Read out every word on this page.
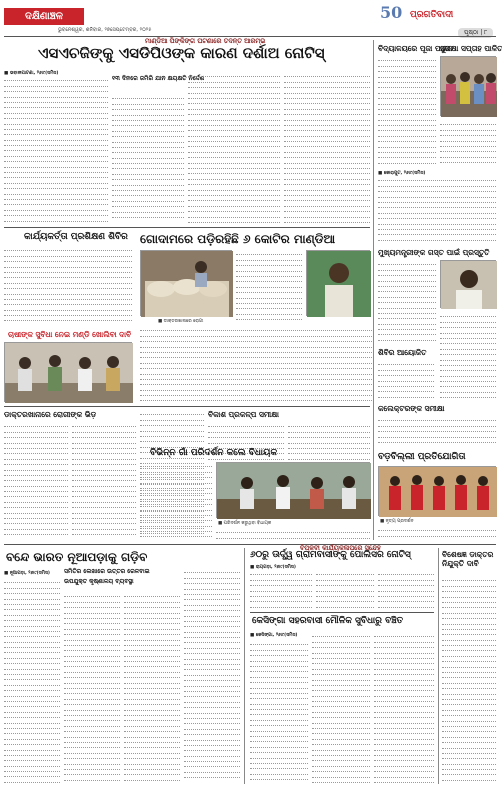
ଦକ୍ଷିଣାଞ୍ଚଳ
ଭୁବନେଶ୍ୱର, ଶନିବାର, ୨୭ସେପ୍ଟେମ୍ବର, ୨୦୨୫
50 ପ୍ରଗତିବାଦୀ
ପୃଷ୍ଠା | ୮
ମାଣ୍ଡିଆ ପିଙ୍କିଙ୍ଗ ଘଟଣାରେ ତଦନ୍ତ ଆରମ୍ଭ
ଏସଏଚଜିଙ୍କୁ ଏସଡିପିଓଙ୍କ କାରଣ ଦର୍ଶାଅ ନୋଟିସ୍
■ ଭବାନୀପାଟଣା, ୨୬ା୯(ସମିସ)
୧୩ ଦିନରେ ଜମିରି ଯାନ କ୍ଷୟକ୍ଷତି ନିର୍ଦ୍ଦେଶ
ବିଦ୍ୟାଳୟରେ ପୂଜା ପାଳନ
ସୁରକ୍ଷା ସପ୍ତାହ ପାଳିତ
■ କୋରାପୁଟ, ୨୬ା୯(ସମିସ)
କାର୍ଯ୍ୟକର୍ତ୍ତା ପ୍ରଶିକ୍ଷଣ ଶିବିର
ଚାଷୀଙ୍କ ସୁବିଧା ନେଇ ମଣ୍ଡି ଖୋଲିବା ଦାବି
ଗୋଦାମରେ ପଡ଼ିରହିଛି ୬ କୋଟିର ମାଣ୍ଡିଆ
■ ଡାକ୍ତରଖାନାରେ ରୋଗୀ
ମୁଖ୍ୟମନ୍ତ୍ରୀଙ୍କ ଗସ୍ତ ପାଇଁ ପ୍ରସ୍ତୁତି
ଶିବିର ଆୟୋଜିତ
ଡାକ୍ତରଖାନାରେ ରୋଗୀଙ୍କ ଭିଡ଼	ବିକାଶ ପ୍ରକଳ୍ପ ସମୀକ୍ଷା
ବିଭିନ୍ନ ଗାଁ ପରିଦର୍ଶନ କଲେ ବିଧାୟକ
■ ପରିଦର୍ଶନ କରୁଥିବା ବିଧାୟକ
କଲେକ୍ଟରଙ୍କ ସମୀକ୍ଷା
ବଡ଼ବିଲ୍ଲୀ ପ୍ରତିଯୋଗିତା
■ ନୃତ୍ୟ ପ୍ରଦର୍ଶନ
ବନ୍ଦେ ଭାରତ ନୂଆପଡ଼ାକୁ ଗଡ଼ିବ
ସମିତିର ଲେଖାରେ ଉତ୍ତର ରେଳବାଇ
ଉପଯୁକ୍ତ କୃଷ୍ଣାଳୟ ବ୍ୟବସ୍ଥା
■ ନୂଆପଡ଼ା, ୨୬ା୯(ସମିସ)
୬୦ରୁ ଊର୍ଦ୍ଧ୍ୱ ଗ୍ରାମବାସୀଙ୍କୁ ପୋଲିସର ନୋଟିସ୍
ବିପ୍ଳବୀ କାର୍ଯ୍ୟକଳାପରେ ସନ୍ଦେହ
■ ରାୟଗଡ଼ା, ୨୬ା୯(ସମିସ)
କେସିଙ୍ଗା ସହରବାସୀ ମୌଳିକ ସୁବିଧାରୁ ବଞ୍ଚିତ
■ କେସିଙ୍ଗା, ୨୬ା୯(ସମିସ)
ବିଶେଷଜ୍ଞ ଡାକ୍ତର ନିଯୁକ୍ତି ଦାବି
